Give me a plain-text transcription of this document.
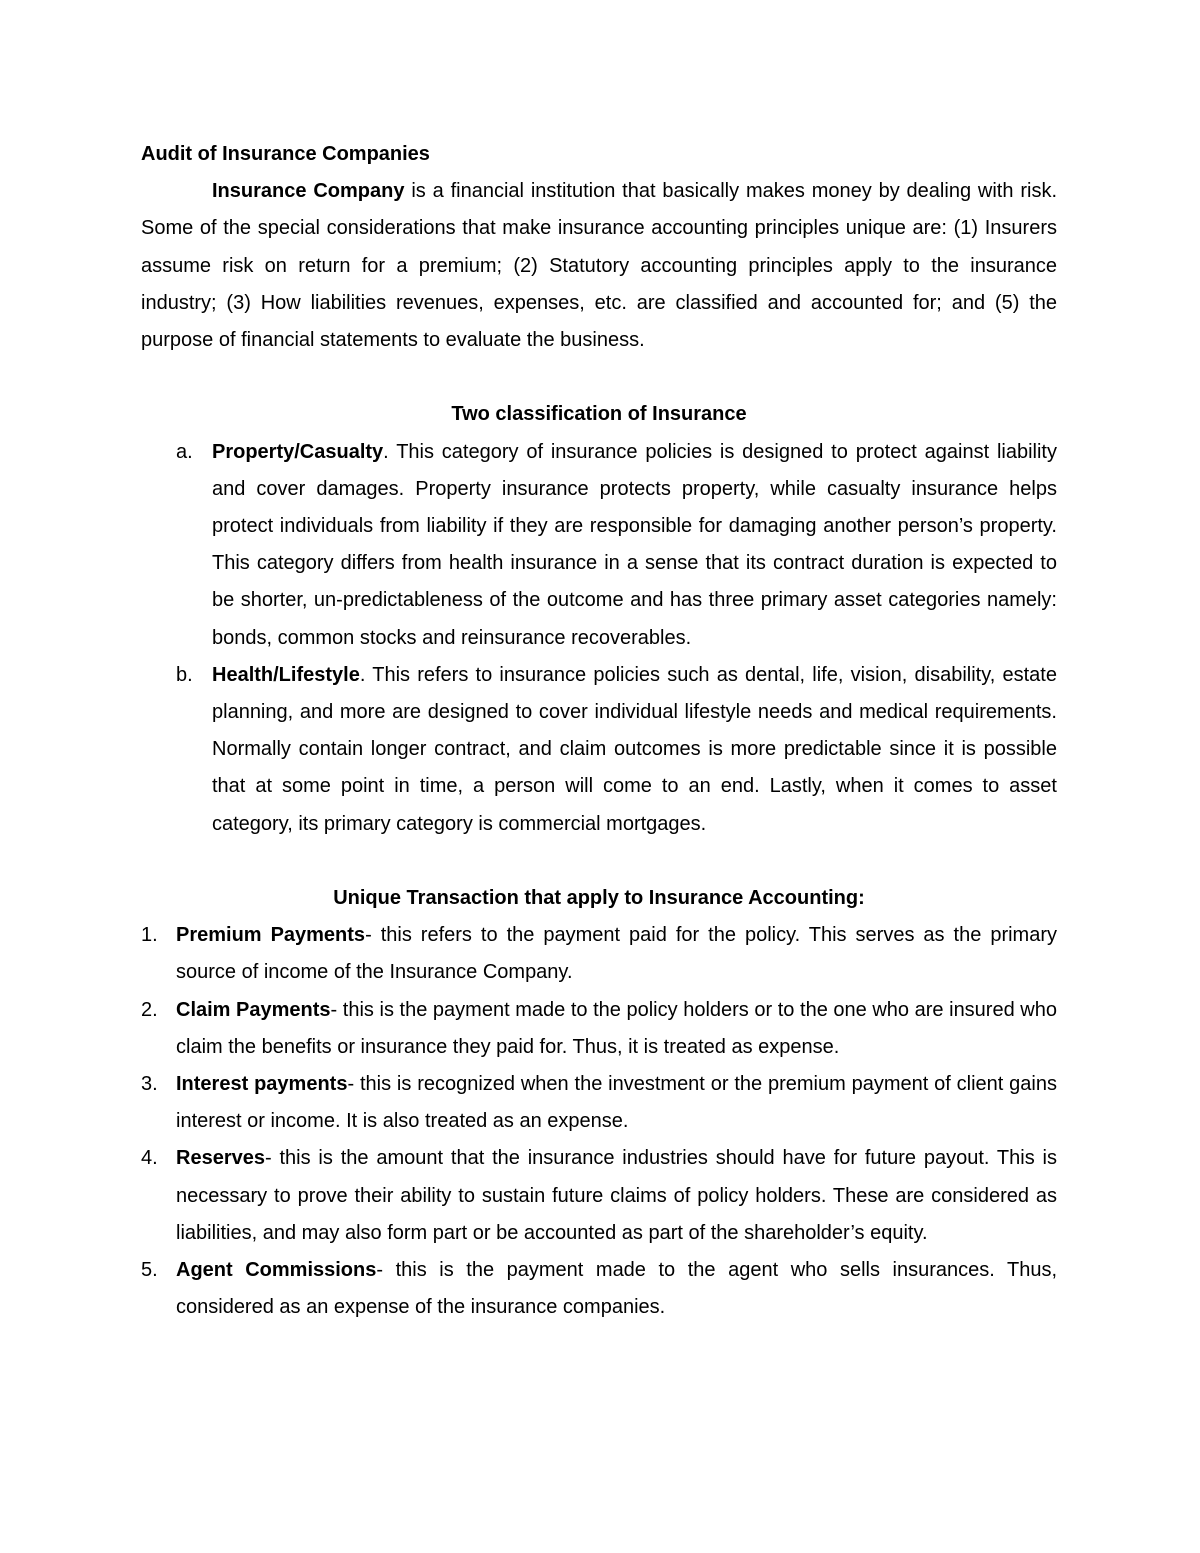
Audit of Insurance Companies

Insurance Company is a financial institution that basically makes money by dealing with risk. Some of the special considerations that make insurance accounting principles unique are: (1) Insurers assume risk on return for a premium; (2) Statutory accounting principles apply to the insurance industry; (3) How liabilities revenues, expenses, etc. are classified and accounted for; and (5) the purpose of financial statements to evaluate the business.

Two classification of Insurance

a. Property/Casualty. This category of insurance policies is designed to protect against liability and cover damages. Property insurance protects property, while casualty insurance helps protect individuals from liability if they are responsible for damaging another person’s property. This category differs from health insurance in a sense that its contract duration is expected to be shorter, un-predictableness of the outcome and has three primary asset categories namely: bonds, common stocks and reinsurance recoverables.
b. Health/Lifestyle. This refers to insurance policies such as dental, life, vision, disability, estate planning, and more are designed to cover individual lifestyle needs and medical requirements. Normally contain longer contract, and claim outcomes is more predictable since it is possible that at some point in time, a person will come to an end. Lastly, when it comes to asset category, its primary category is commercial mortgages.

Unique Transaction that apply to Insurance Accounting:

1. Premium Payments- this refers to the payment paid for the policy. This serves as the primary source of income of the Insurance Company.
2. Claim Payments- this is the payment made to the policy holders or to the one who are insured who claim the benefits or insurance they paid for. Thus, it is treated as expense.
3. Interest payments- this is recognized when the investment or the premium payment of client gains interest or income. It is also treated as an expense.
4. Reserves- this is the amount that the insurance industries should have for future payout. This is necessary to prove their ability to sustain future claims of policy holders. These are considered as liabilities, and may also form part or be accounted as part of the shareholder’s equity.
5. Agent Commissions- this is the payment made to the agent who sells insurances. Thus, considered as an expense of the insurance companies.
